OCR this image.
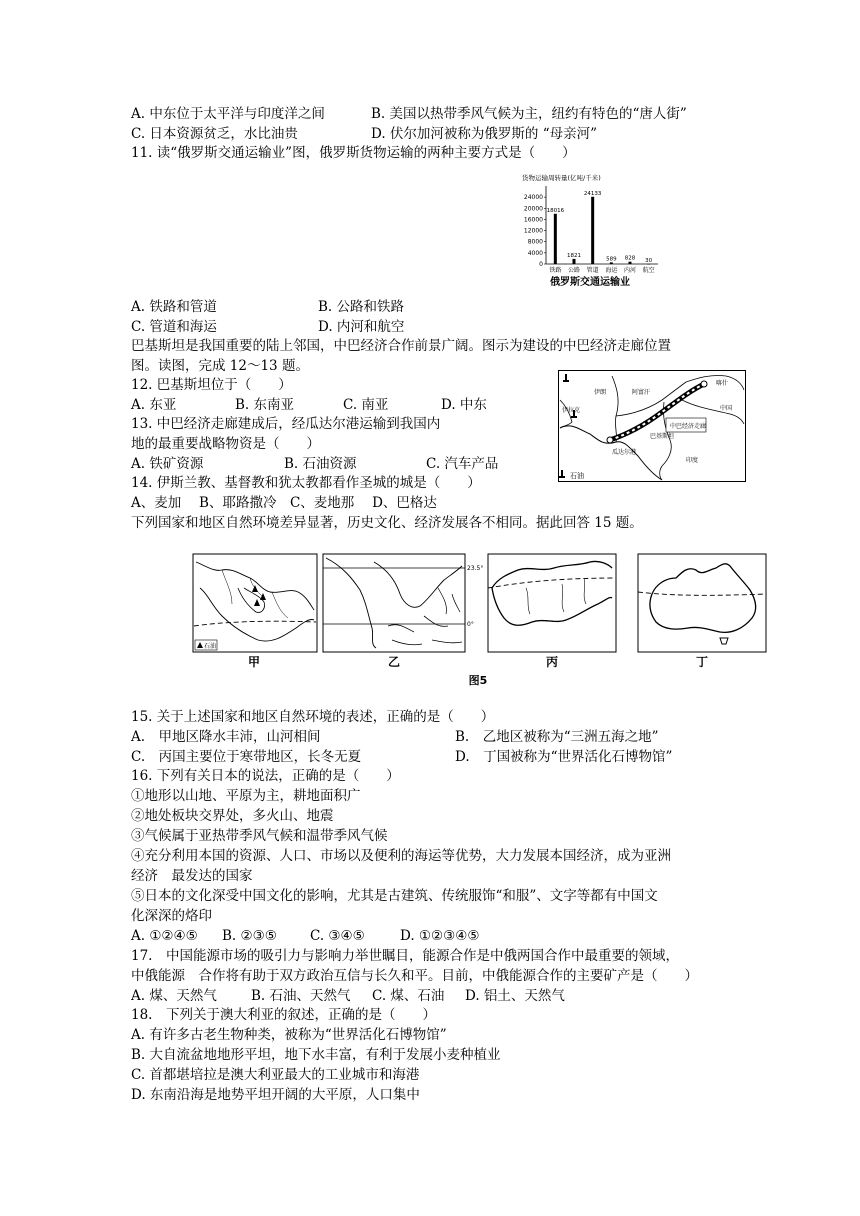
A. 中东位于太平洋与印度洋之间	B. 美国以热带季风气候为主，纽约有特色的“唐人街”
C. 日本资源贫乏，水比油贵	D. 伏尔加河被称为俄罗斯的 “母亲河”
11. 读“俄罗斯交通运输业”图，俄罗斯货物运输的两种主要方式是（　　）
货物运输周转量(亿吨/千米)
0
4000
8000
12000
16000
20000
24000
18016
铁路
1821
公路
24133
管道
589
海运
828
内河
30
航空
俄罗斯交通运输业
A. 铁路和管道	B. 公路和铁路
C. 管道和海运	D. 内河和航空
巴基斯坦是我国重要的陆上邻国，中巴经济合作前景广阔。图示为建设的中巴经济走廊位置
图。读图，完成 12～13 题。
12. 巴基斯坦位于（　　）
A. 东亚	B. 东南亚	C. 南亚	D. 中东
13. 中巴经济走廊建成后，经瓜达尔港运输到我国内
地的最重要战略物资是（　　）
A. 铁矿资源	B. 石油资源	C. 汽车产品
14. 伊斯兰教、基督教和犹太教都看作圣城的城是（　　）
A、麦加　 B、耶路撒冷　C、麦地那　 D、巴格达
伊朗	阿富汗
喀什
中国
巴基斯坦
中巴经济走廊
瓜达尔港
印度
石油
伊拉克
下列国家和地区自然环境差异显著，历史文化、经济发展各不相同。据此回答 15 题。
甲	乙	丙	丁
图5
23.5°
0°
石油
15. 关于上述国家和地区自然环境的表述，正确的是（　　）
A.　甲地区降水丰沛，山河相间	B.　乙地区被称为“三洲五海之地”
C.　丙国主要位于寒带地区，长冬无夏	D.　丁国被称为“世界活化石博物馆”
16. 下列有关日本的说法，正确的是（　　）
①地形以山地、平原为主，耕地面积广
②地处板块交界处，多火山、地震
③气候属于亚热带季风气候和温带季风气候
④充分利用本国的资源、人口、市场以及便利的海运等优势，大力发展本国经济，成为亚洲
经济　最发达的国家
⑤日本的文化深受中国文化的影响，尤其是古建筑、传统服饰“和服”、文字等都有中国文
化深深的烙印
A. ①②④⑤ B. ②③⑤ C. ③④⑤	D. ①②③④⑤
17.　中国能源市场的吸引力与影响力举世瞩目，能源合作是中俄两国合作中最重要的领域，
中俄能源　合作将有助于双方政治互信与长久和平。目前，中俄能源合作的主要矿产是（　　）
A. 煤、天然气	B. 石油、天然气 C. 煤、石油 D. 铝土、天然气
18.　下列关于澳大利亚的叙述，正确的是（　　）
A. 有许多古老生物种类，被称为“世界活化石博物馆”
B. 大自流盆地地形平坦，地下水丰富，有利于发展小麦种植业
C. 首都堪培拉是澳大利亚最大的工业城市和海港
D. 东南沿海是地势平坦开阔的大平原，人口集中
